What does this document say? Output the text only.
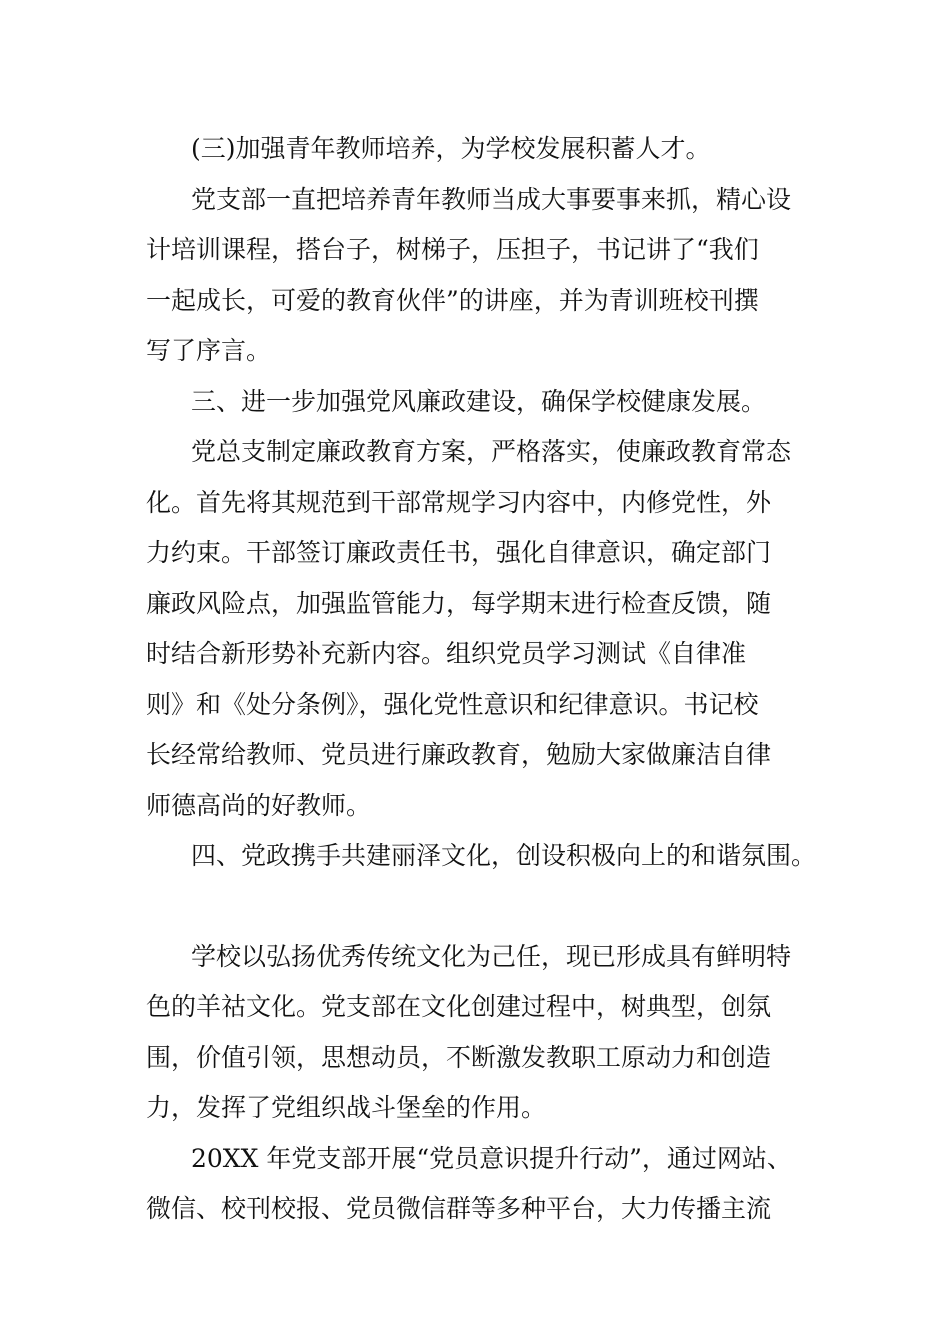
(三)加强青年教师培养，为学校发展积蓄人才。
党支部一直把培养青年教师当成大事要事来抓，精心设
计培训课程，搭台子，树梯子，压担子，书记讲了“我们
一起成长，可爱的教育伙伴”的讲座，并为青训班校刊撰
写了序言。
三、进一步加强党风廉政建设，确保学校健康发展。
党总支制定廉政教育方案，严格落实，使廉政教育常态
化。首先将其规范到干部常规学习内容中，内修党性，外
力约束。干部签订廉政责任书，强化自律意识，确定部门
廉政风险点，加强监管能力，每学期末进行检查反馈，随
时结合新形势补充新内容。组织党员学习测试《自律准
则》和《处分条例》，强化党性意识和纪律意识。书记校
长经常给教师、党员进行廉政教育，勉励大家做廉洁自律
师德高尚的好教师。
四、党政携手共建丽泽文化，创设积极向上的和谐氛围。
学校以弘扬优秀传统文化为己任，现已形成具有鲜明特
色的羊祜文化。党支部在文化创建过程中，树典型，创氛
围，价值引领，思想动员，不断激发教职工原动力和创造
力，发挥了党组织战斗堡垒的作用。
20XX 年党支部开展“党员意识提升行动”，通过网站、
微信、校刊校报、党员微信群等多种平台，大力传播主流
